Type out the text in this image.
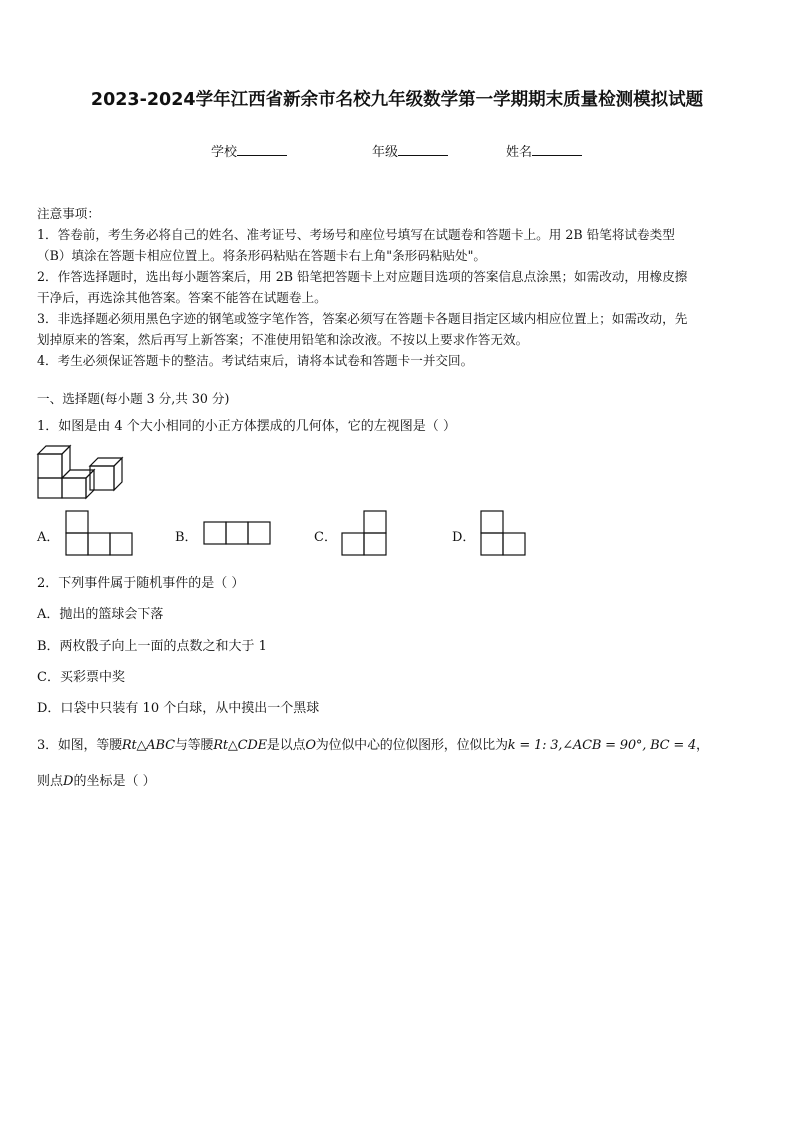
2023-2024学年江西省新余市名校九年级数学第一学期期末质量检测模拟试题
学校	年级	姓名
注意事项：
1．答卷前，考生务必将自己的姓名、准考证号、考场号和座位号填写在试题卷和答题卡上。用 2B 铅笔将试卷类型
（B）填涂在答题卡相应位置上。将条形码粘贴在答题卡右上角"条形码粘贴处"。
2．作答选择题时，选出每小题答案后，用 2B 铅笔把答题卡上对应题目选项的答案信息点涂黑；如需改动，用橡皮擦
干净后，再选涂其他答案。答案不能答在试题卷上。
3．非选择题必须用黑色字迹的钢笔或签字笔作答，答案必须写在答题卡各题目指定区域内相应位置上；如需改动，先
划掉原来的答案，然后再写上新答案；不准使用铅笔和涂改液。不按以上要求作答无效。
4．考生必须保证答题卡的整洁。考试结束后，请将本试卷和答题卡一并交回。
一、选择题(每小题 3 分,共 30 分)
1．如图是由 4 个大小相同的小正方体摆成的几何体，它的左视图是（ ）
A．	B．	C．	D．
2．下列事件属于随机事件的是（ ）
A．抛出的篮球会下落
B．两枚骰子向上一面的点数之和大于 1
C．买彩票中奖
D．口袋中只装有 10 个白球，从中摸出一个黑球
3．如图，等腰Rt△ABC与等腰Rt△CDE是以点O为位似中心的位似图形，位似比为k = 1: 3,∠ACB = 90°, BC = 4，
则点D的坐标是（ ）
